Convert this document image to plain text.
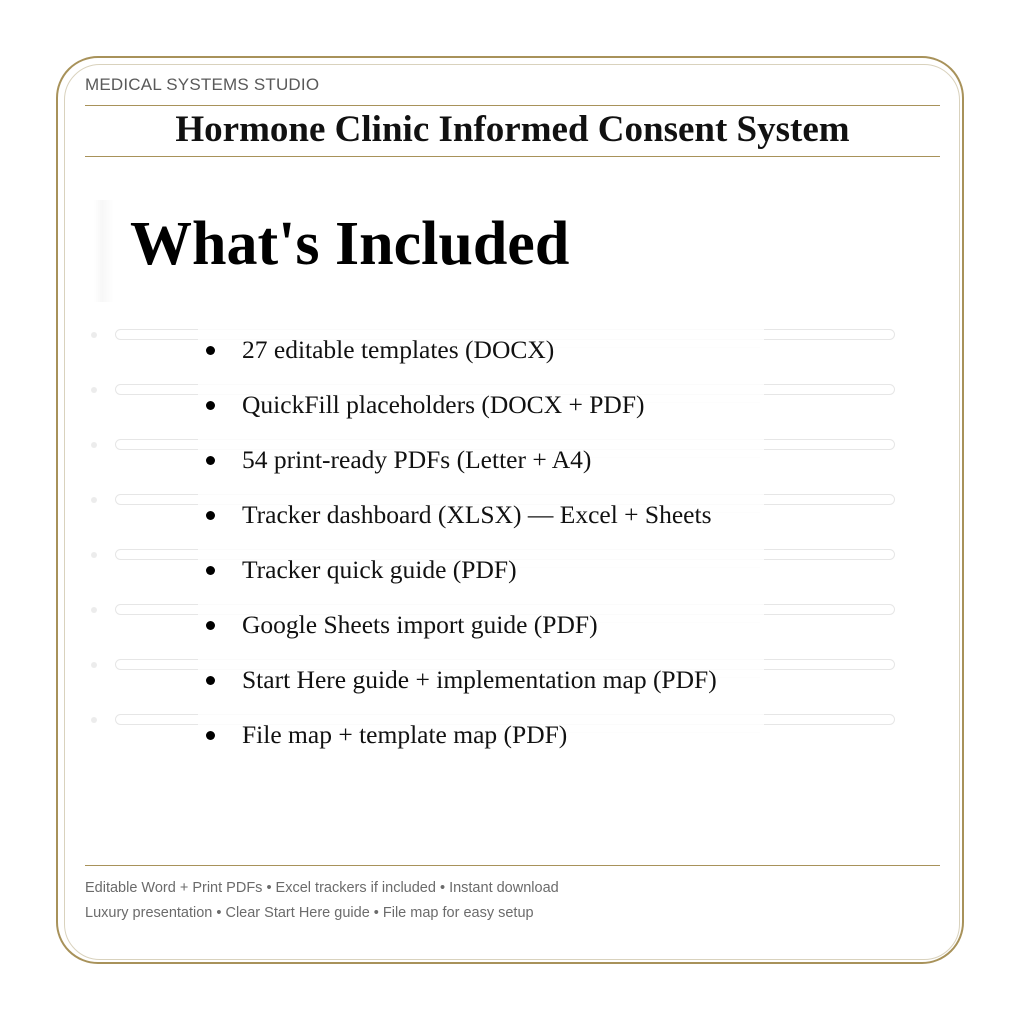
MEDICAL SYSTEMS STUDIO
Hormone Clinic Informed Consent System
What's Included
27 editable templates (DOCX)
QuickFill placeholders (DOCX + PDF)
54 print-ready PDFs (Letter + A4)
Tracker dashboard (XLSX) — Excel + Sheets
Tracker quick guide (PDF)
Google Sheets import guide (PDF)
Start Here guide + implementation map (PDF)
File map + template map (PDF)
Editable Word + Print PDFs • Excel trackers if included • Instant download
Luxury presentation • Clear Start Here guide • File map for easy setup
